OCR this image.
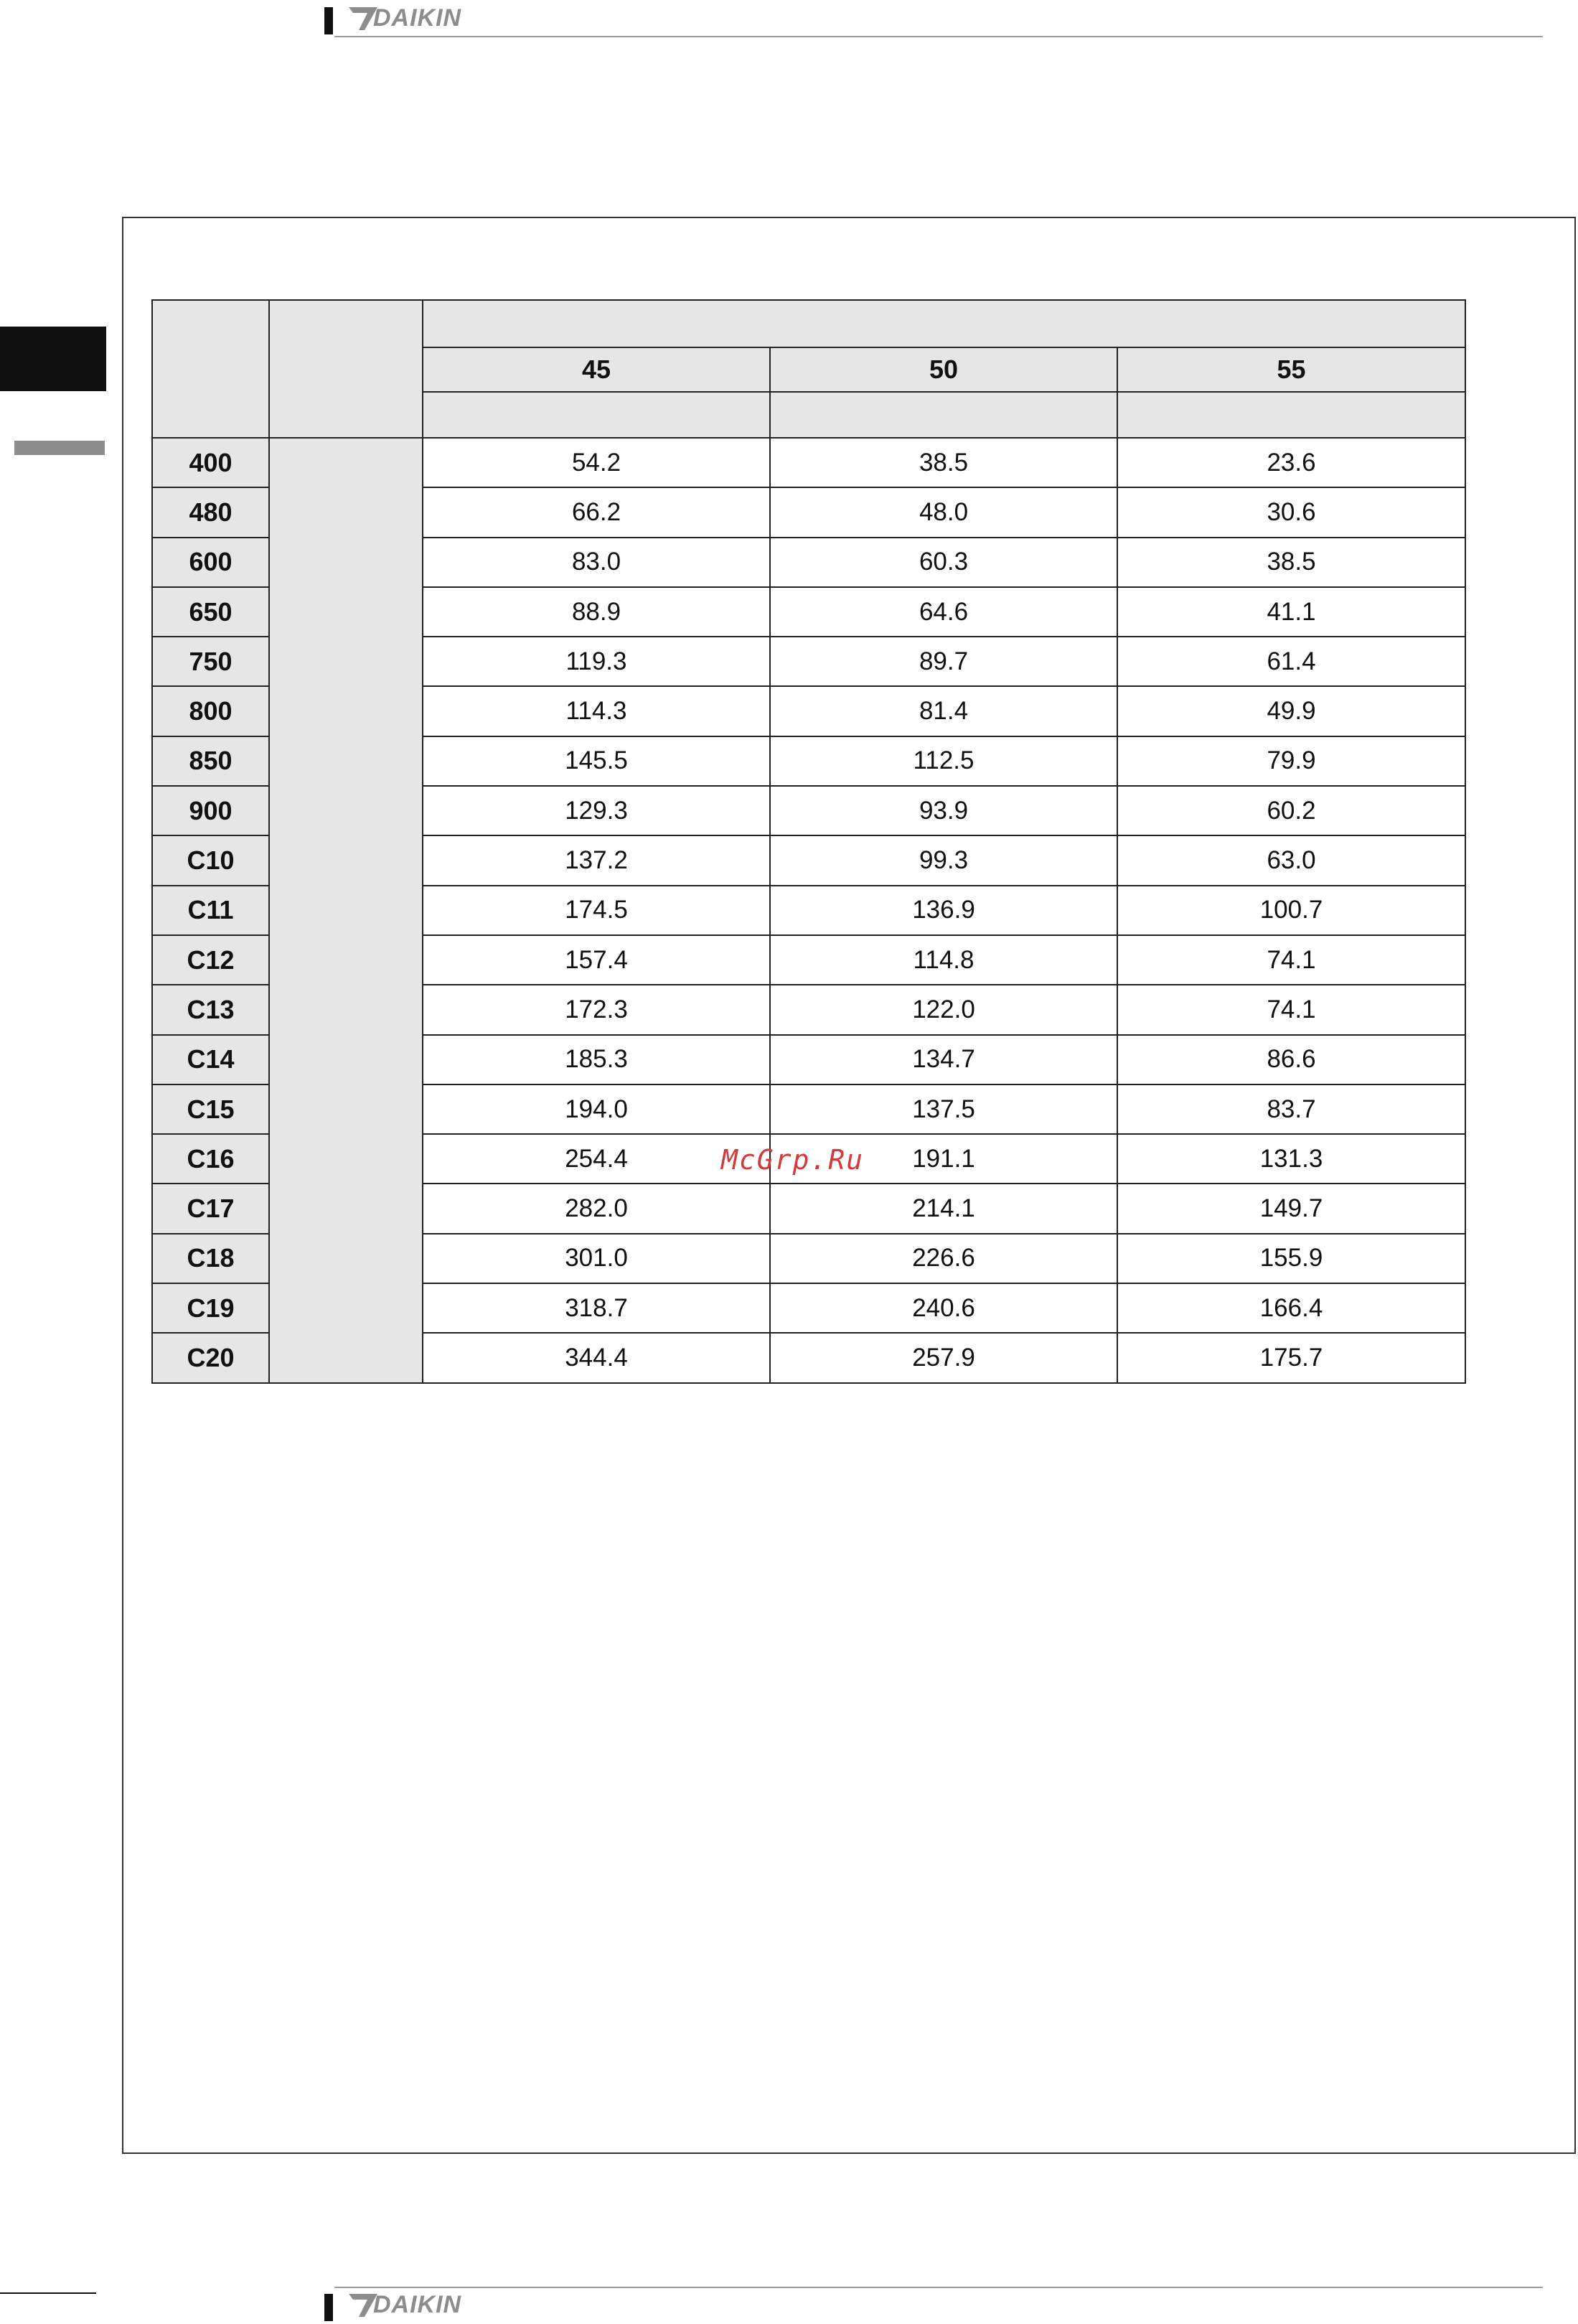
DAIKIN

		45	50	55

400		54.2	38.5	23.6
480		66.2	48.0	30.6
600		83.0	60.3	38.5
650		88.9	64.6	41.1
750		119.3	89.7	61.4
800		114.3	81.4	49.9
850		145.5	112.5	79.9
900		129.3	93.9	60.2
C10		137.2	99.3	63.0
C11		174.5	136.9	100.7
C12		157.4	114.8	74.1
C13		172.3	122.0	74.1
C14		185.3	134.7	86.6
C15		194.0	137.5	83.7
C16		254.4	191.1	131.3
C17		282.0	214.1	149.7
C18		301.0	226.6	155.9
C19		318.7	240.6	166.4
C20		344.4	257.9	175.7
McGrp.Ru
DAIKIN
